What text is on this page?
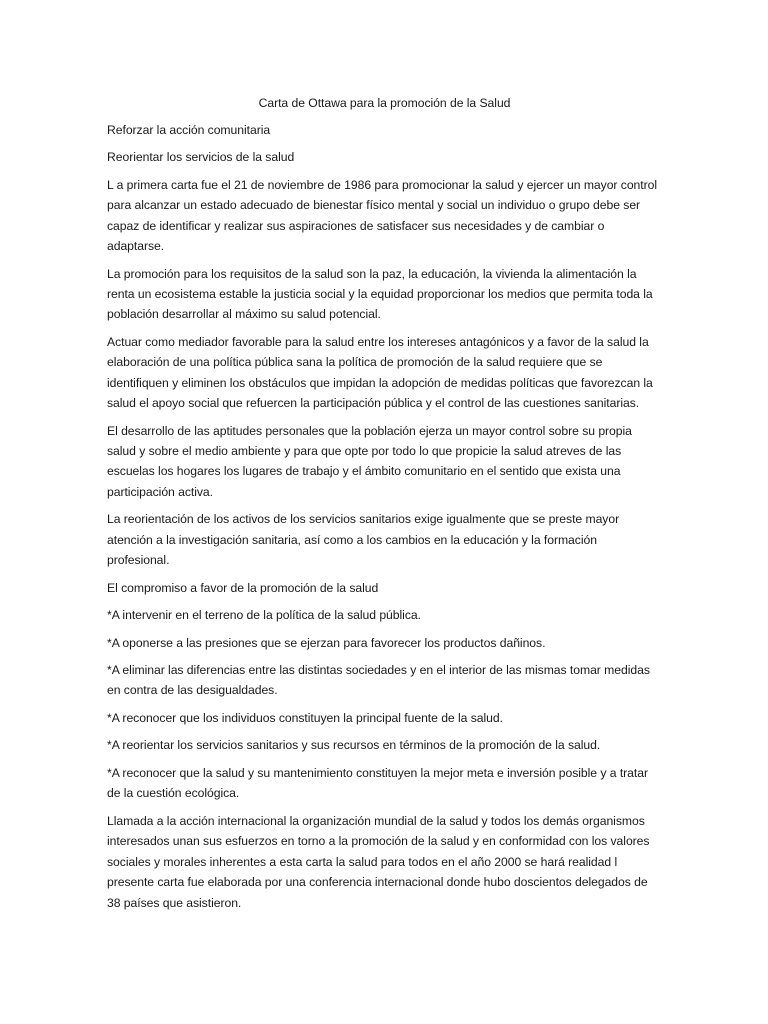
Carta de Ottawa para la promoción de la Salud
Reforzar la acción comunitaria
Reorientar los servicios de la salud
L a primera carta fue el 21 de noviembre de 1986 para promocionar la salud y ejercer un mayor control para alcanzar un estado adecuado de bienestar físico mental y social un individuo o grupo debe ser capaz de identificar y realizar sus aspiraciones de satisfacer sus necesidades y de cambiar o adaptarse.
La promoción para los requisitos de la salud son la paz, la educación, la vivienda la alimentación la renta un ecosistema estable la justicia social y la equidad proporcionar los medios que permita toda la población desarrollar al máximo su salud potencial.
Actuar como mediador favorable para la salud entre los intereses antagónicos y a favor de la salud la elaboración de una política pública sana la política de promoción de la salud requiere que se identifiquen y eliminen los obstáculos que impidan la adopción de medidas políticas que favorezcan la salud el apoyo social que refuercen la participación pública y el control de las cuestiones sanitarias.
El desarrollo de las aptitudes personales que la población ejerza un mayor control sobre su propia salud y sobre el medio ambiente y para que opte por todo lo que propicie la salud atreves de las escuelas los hogares los lugares de trabajo y el ámbito comunitario en el sentido que exista una participación activa.
La reorientación de los activos de los servicios sanitarios exige igualmente que se preste mayor atención a la investigación sanitaria, así como a los cambios en la educación y la formación profesional.
El compromiso a favor de la promoción de la salud
*A intervenir en el terreno de la política de la salud pública.
*A oponerse a las presiones que se ejerzan para favorecer los productos dañinos.
*A eliminar las diferencias entre las distintas sociedades y en el interior de las mismas tomar medidas en contra de las desigualdades.
*A reconocer que los individuos constituyen la principal fuente de la salud.
*A reorientar los servicios sanitarios y sus recursos en términos de la promoción de la salud.
*A reconocer que la salud y su mantenimiento constituyen la mejor meta e inversión posible y a tratar de la cuestión ecológica.
Llamada a la acción internacional la organización mundial de la salud y todos los demás organismos interesados unan sus esfuerzos en torno a la promoción de la salud y en conformidad con los valores sociales y morales inherentes a esta carta la salud para todos en el año 2000 se hará realidad l presente carta fue elaborada por una conferencia internacional donde hubo doscientos delegados de 38 países que asistieron.
